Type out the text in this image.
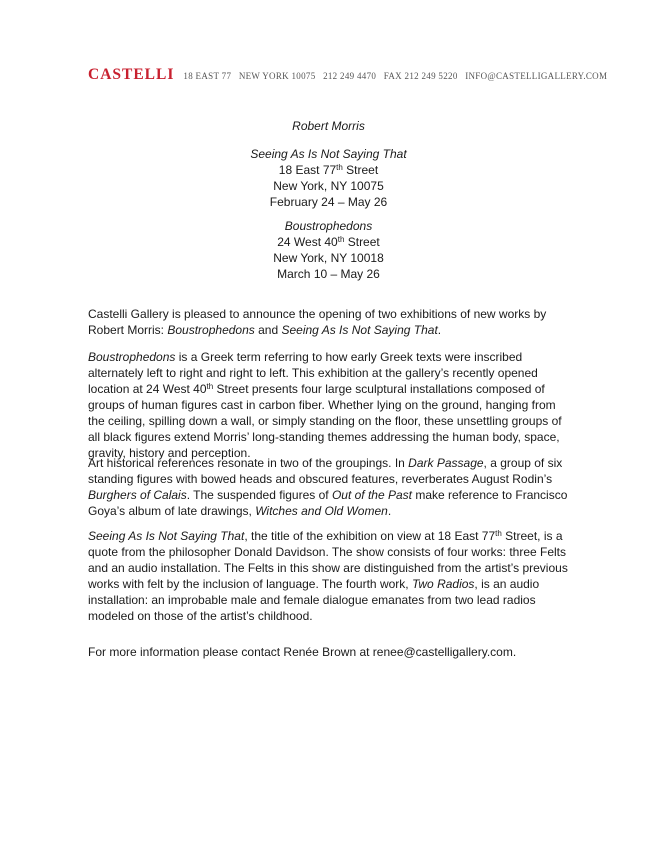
CASTELLI 18 EAST 77 NEW YORK 10075 212 249 4470 FAX 212 249 5220 INFO@CASTELLIGALLERY.COM
Robert Morris
Seeing As Is Not Saying That
18 East 77th Street
New York, NY 10075
February 24 – May 26
Boustrophedons
24 West 40th Street
New York, NY 10018
March 10 – May 26

Castelli Gallery is pleased to announce the opening of two exhibitions of new works by Robert Morris: Boustrophedons and Seeing As Is Not Saying That.

Boustrophedons is a Greek term referring to how early Greek texts were inscribed alternately left to right and right to left. This exhibition at the gallery’s recently opened location at 24 West 40th Street presents four large sculptural installations composed of groups of human figures cast in carbon fiber. Whether lying on the ground, hanging from the ceiling, spilling down a wall, or simply standing on the floor, these unsettling groups of all black figures extend Morris’ long-standing themes addressing the human body, space, gravity, history and perception.

Art historical references resonate in two of the groupings. In Dark Passage, a group of six standing figures with bowed heads and obscured features, reverberates August Rodin’s Burghers of Calais. The suspended figures of Out of the Past make reference to Francisco Goya’s album of late drawings, Witches and Old Women.

Seeing As Is Not Saying That, the title of the exhibition on view at 18 East 77th Street, is a quote from the philosopher Donald Davidson. The show consists of four works: three Felts and an audio installation. The Felts in this show are distinguished from the artist’s previous works with felt by the inclusion of language. The fourth work, Two Radios, is an audio installation: an improbable male and female dialogue emanates from two lead radios modeled on those of the artist’s childhood.

For more information please contact Renée Brown at renee@castelligallery.com.
